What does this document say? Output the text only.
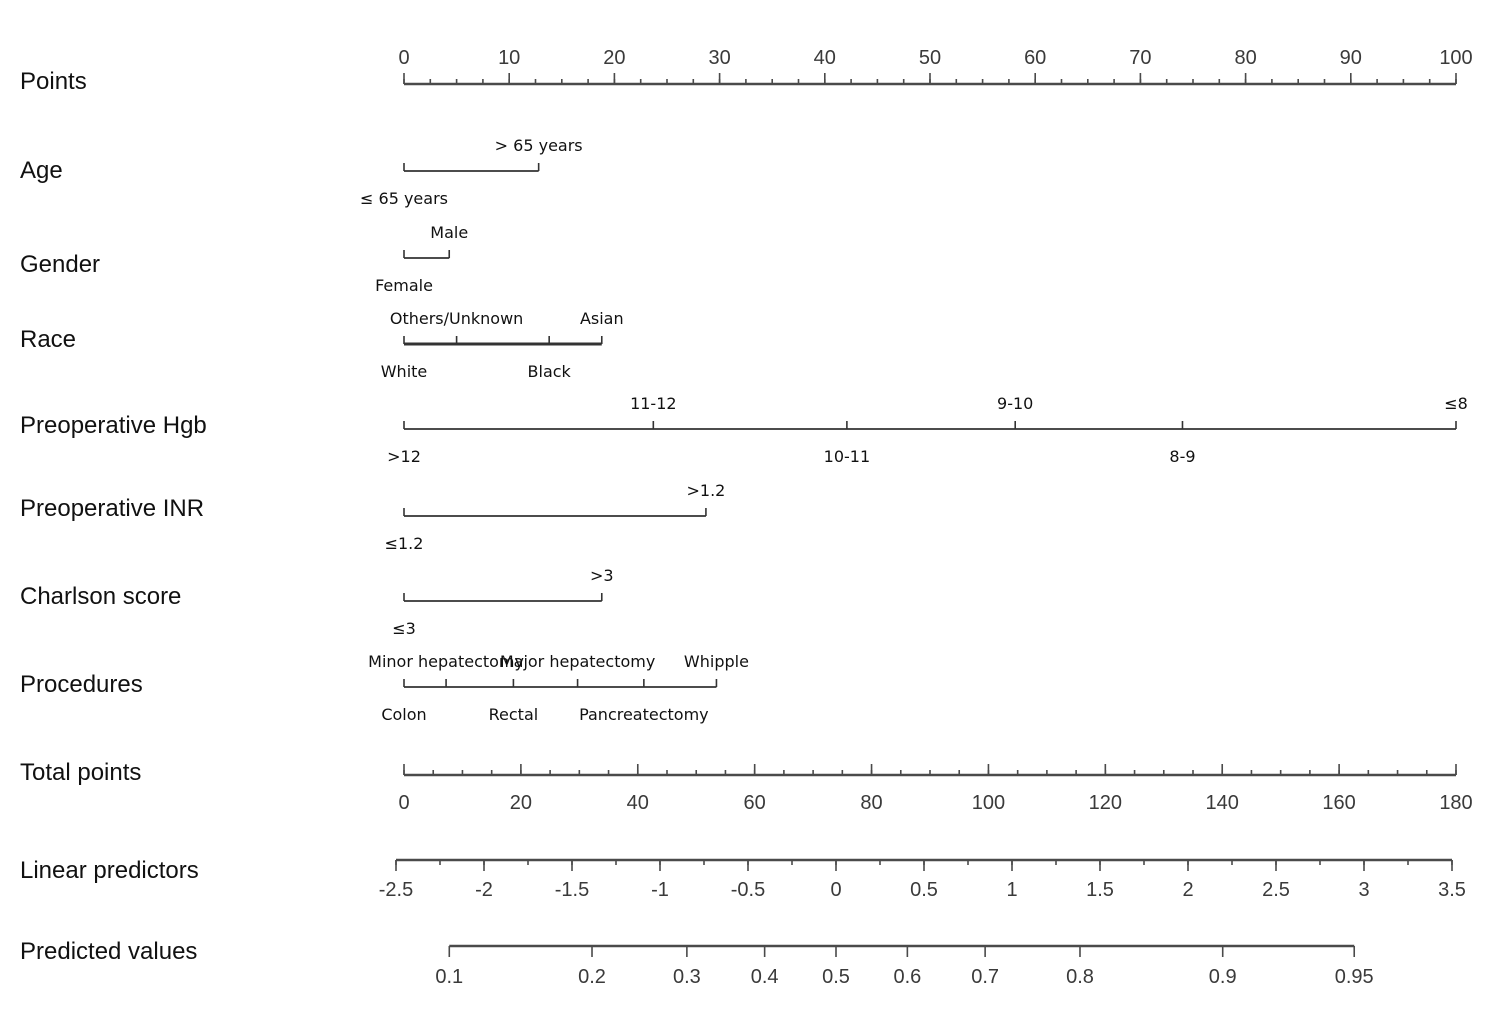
Points
0	10	20	30	40	50	60	70	80	90	100
Age
≤ 65 years
> 65 years
Gender
Female
Male
Race
White
Others/Unknown
Black
Asian
Preoperative Hgb
>12
11-12
10-11
9-10
8-9
≤8
Preoperative INR
≤1.2
>1.2
Charlson score
≤3
>3
Procedures
Colon
Minor hepatectomy
Rectal
Major hepatectomy
Pancreatectomy
Whipple
Total points
0	20	40	60	80	100	120	140	160	180
Linear predictors
-2.5	-2	-1.5	-1	-0.5	0	0.5	1	1.5	2	2.5	3	3.5
Predicted values
0.1	0.2	0.3 0.4 0.5 0.6 0.7	0.8	0.9	0.95
